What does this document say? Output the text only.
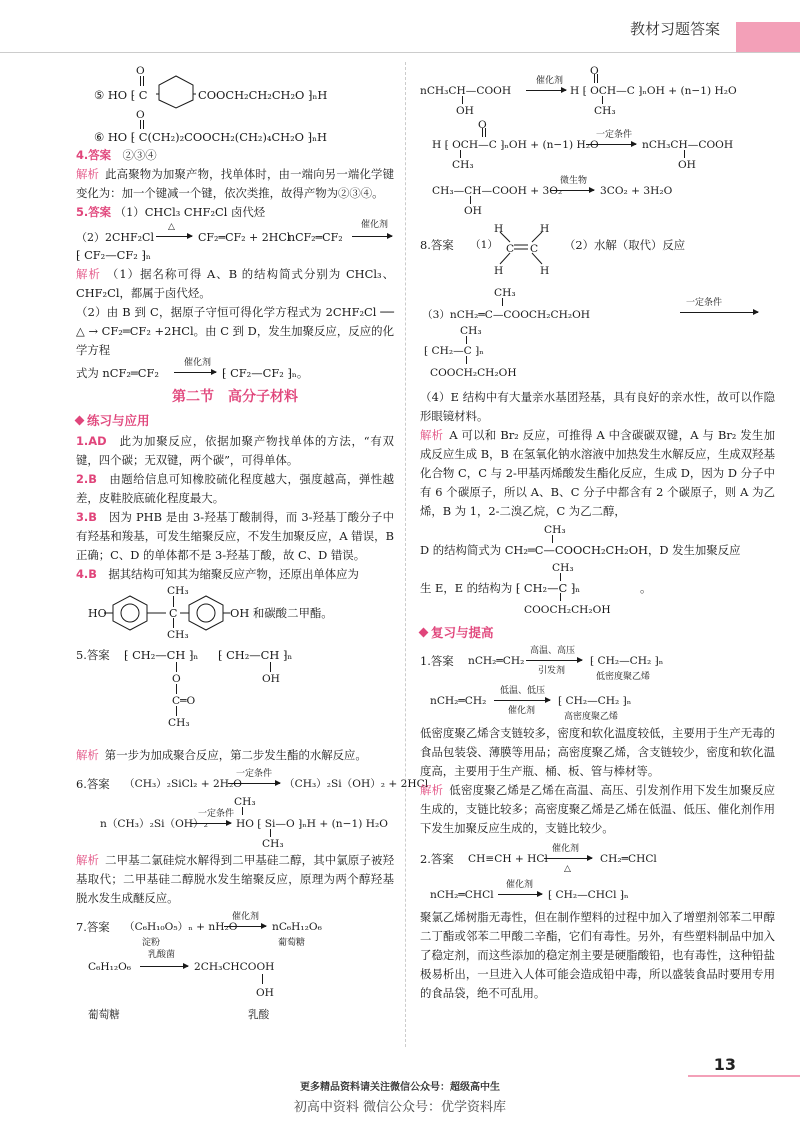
教材习题答案
O
⑤ HO ⁅ C	COOCH₂CH₂CH₂O ⁆ₙH
O
⑥ HO ⁅ C(CH₂)₂COOCH₂(CH₂)₄CH₂O ⁆ₙH
4.答案　 ②③④
解析 此高聚物为加聚产物，找单体时，由一端向另一端化学键变化为：加一个键减一个键，依次类推，故得产物为②③④。
5.答案 （1）CHCl₃ CHF₂Cl 卤代烃
（2）2CHF₂Cl
△
→ CF₂═CF₂ + 2HCl
nCF₂═CF₂
催化剂
⁅ CF₂—CF₂ ⁆ₙ
解析 （1）据名称可得 A、B 的结构简式分别为 CHCl₃、CHF₂Cl，都属于卤代烃。
（2）由 B 到 C，据原子守恒可得化学方程式为 2CHF₂Cl ── △ → CF₂═CF₂ +2HCl。由 C 到 D，发生加聚反应，反应的化学方程
式为 nCF₂═CF₂
催化剂
→ ⁅ CF₂—CF₂ ⁆ₙ。
第二节　高分子材料
练习与应用
1.AD　 此为加聚反应，依据加聚产物找单体的方法，“有双键，四个碳；无双键，两个碳”，可得单体。
2.B　 由题给信息可知橡胶硫化程度越大，强度越高，弹性越差，皮鞋胶底硫化程度最大。
3.B　 因为 PHB 是由 3-羟基丁酸制得，而 3-羟基丁酸分子中有羟基和羧基，可发生缩聚反应，不发生加聚反应，A 错误，B 正确；C、D 的单体都不是 3-羟基丁酸，故 C、D 错误。
4.B　 据其结构可知其为缩聚反应产物，还原出单体应为
CH₃
HO	C
CH₃
OH 和碳酸二甲酯。
5.答案 ⁅ CH₂—CH ⁆ₙ
O
C═O
CH₃
⁅ CH₂—CH ⁆ₙ
OH
解析 第一步为加成聚合反应，第二步发生酯的水解反应。
6.答案 （CH₃）₂SiCl₂ + 2H₂O
一定条件
（CH₃）₂Si（OH）₂ + 2HCl
CH₃
n（CH₃）₂Si（OH）₂
一定条件
→ HO ⁅ Si—O ⁆ₙH + (n−1) H₂O
CH₃
解析 二甲基二氯硅烷水解得到二甲基硅二醇，其中氯原子被羟基取代；二甲基硅二醇脱水发生缩聚反应，原理为两个醇羟基脱水发生成醚反应。
7.答案 （C₆H₁₀O₅）ₙ + nH₂O
淀粉
催化剂
→ nC₆H₁₂O₆
葡萄糖
C₆H₁₂O₆
乳酸菌
2CH₃CHCOOH
OH
葡萄糖	乳酸
O
nCH₃CH—COOH
催化剂
→ H ⁅ OCH—C ⁆ₙOH + (n−1) H₂O
OH	CH₃
O
H ⁅ OCH—C ⁆ₙOH + (n−1) H₂O
一定条件
nCH₃CH—COOH
CH₃	OH
CH₃—CH—COOH + 3O₂
微生物
→ 3CO₂ + 3H₂O
OH
8.答案 （1）
H	H
C C
H	H
（2）水解（取代）反应
CH₃
（3）nCH₂═C—COOCH₂CH₂OH
一定条件
CH₃
⁅ CH₂—C ⁆ₙ
COOCH₂CH₂OH
（4）E 结构中有大量亲水基团羟基，具有良好的亲水性，故可以作隐形眼镜材料。
解析 A 可以和 Br₂ 反应，可推得 A 中含碳碳双键，A 与 Br₂ 发生加成反应生成 B，B 在氢氧化钠水溶液中加热发生水解反应，生成双羟基化合物 C，C 与 2-甲基丙烯酸发生酯化反应，生成 D，因为 D 分子中有 6 个碳原子，所以 A、B、C 分子中都含有 2 个碳原子，则 A 为乙烯，B 为 1，2-二溴乙烷，C 为乙二醇，
CH₃
D 的结构简式为 CH₂═C—COOCH₂CH₂OH，D 发生加聚反应
CH₃
生 E，E 的结构为 ⁅ CH₂—C ⁆ₙ	。
COOCH₂CH₂OH
复习与提高
1.答案 nCH₂═CH₂
高温、高压
引发剂
⁅ CH₂—CH₂ ⁆ₙ
低密度聚乙烯
nCH₂═CH₂
低温、低压
催化剂
⁅ CH₂—CH₂ ⁆ₙ
高密度聚乙烯
低密度聚乙烯含支链较多，密度和软化温度较低，主要用于生产无毒的食品包装袋、薄膜等用品；高密度聚乙烯，含支链较少，密度和软化温度高，主要用于生产瓶、桶、板、管与棒材等。
解析 低密度聚乙烯是乙烯在高温、高压、引发剂作用下发生加聚反应生成的，支链比较多；高密度聚乙烯是乙烯在低温、低压、催化剂作用下发生加聚反应生成的，支链比较少。
2.答案 CH≡CH + HCl
催化剂
△
CH₂═CHCl
nCH₂═CHCl
催化剂
→ ⁅ CH₂—CHCl ⁆ₙ
聚氯乙烯树脂无毒性，但在制作塑料的过程中加入了增塑剂邻苯二甲醇二丁酯或邻苯二甲酸二辛酯，它们有毒性。另外，有些塑料制品中加入了稳定剂，而这些添加的稳定剂主要是硬脂酸铅，也有毒性，这种铅盐极易析出，一旦进入人体可能会造成铅中毒，所以盛装食品时要用专用的食品袋，绝不可乱用。
13
更多精品资料请关注微信公众号：超级高中生
初高中资料 微信公众号：优学资料库
